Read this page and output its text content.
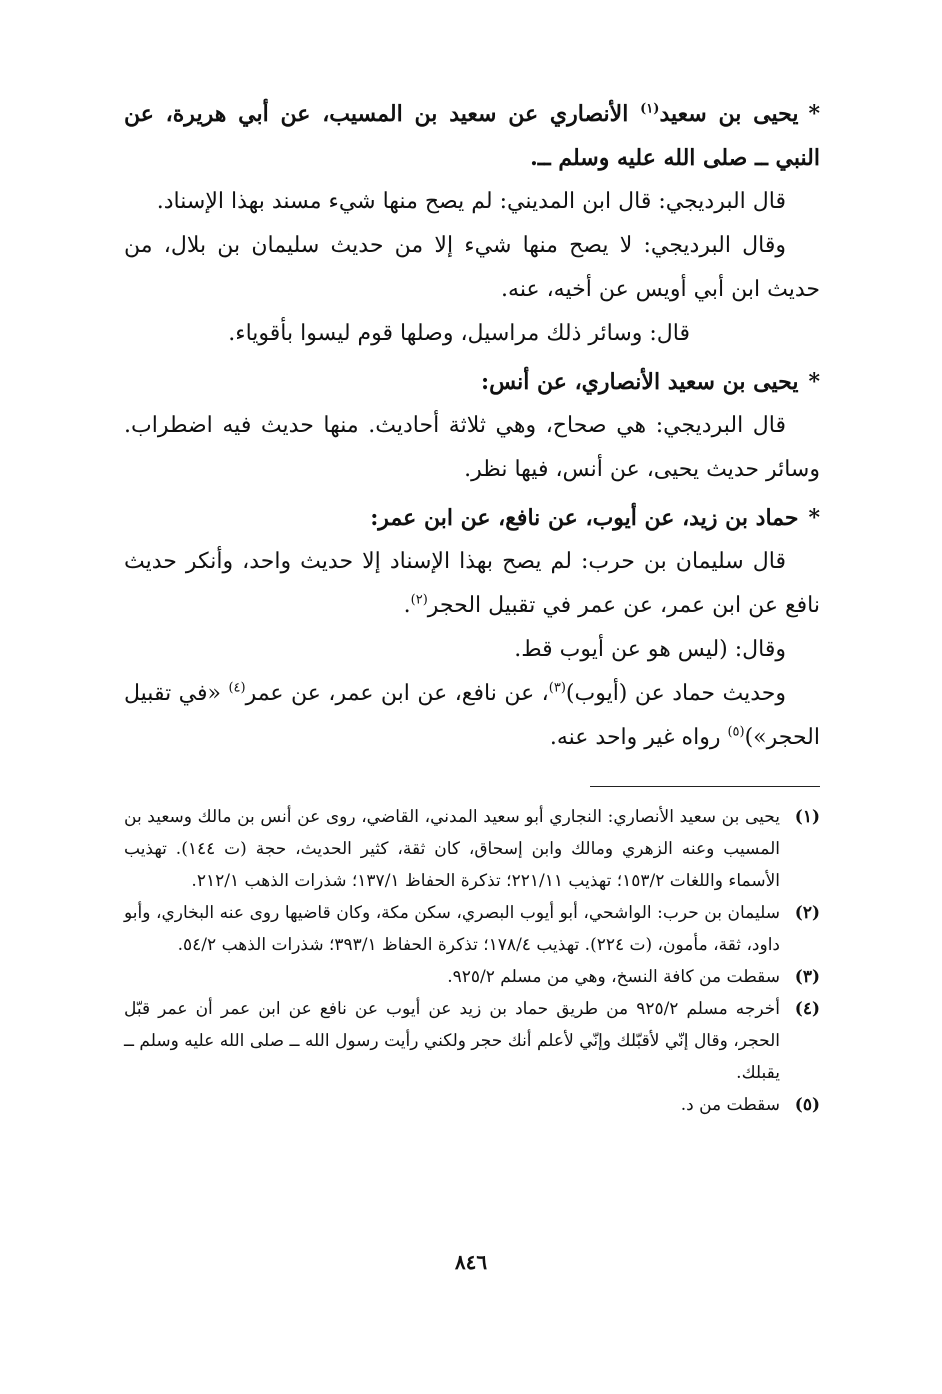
*يحيى بن سعيد$^{(١)}$ الأنصاري عن سعيد بن المسيب، عن أبي هريرة، عن النبي ــ صلى الله عليه وسلم ــ.

قال البرديجي: قال ابن المديني: لم يصح منها شيء مسند بهذا الإسناد.

وقال البرديجي: لا يصح منها شيء إلا من حديث سليمان بن بلال، من حديث ابن أبي أويس عن أخيه، عنه.

قال: وسائر ذلك مراسيل، وصلها قوم ليسوا بأقوياء.

*يحيى بن سعيد الأنصاري، عن أنس:

قال البرديجي: هي صحاح، وهي ثلاثة أحاديث. منها حديث فيه اضطراب. وسائر حديث يحيى، عن أنس، فيها نظر.

*حماد بن زيد، عن أيوب، عن نافع، عن ابن عمر:

قال سليمان بن حرب: لم يصح بهذا الإسناد إلا حديث واحد، وأنكر حديث نافع عن ابن عمر، عن عمر في تقبيل الحجر$^{(٢)}$.

وقال: (ليس هو عن أيوب قط.

وحديث حماد عن (أيوب)$^{(٣)}$، عن نافع، عن ابن عمر، عن عمر$^{(٤)}$ «في تقبيل الحجر»)$^{(٥)}$ رواه غير واحد عنه.

(١)
يحيى بن سعيد الأنصاري: النجاري أبو سعيد المدني، القاضي، روى عن أنس بن مالك وسعيد بن المسيب وعنه الزهري ومالك وابن إسحاق، كان ثقة، كثير الحديث، حجة (ت ١٤٤). تهذيب الأسماء واللغات ١٥٣/٢؛ تهذيب ٢٢١/١١؛ تذكرة الحفاظ ١٣٧/١؛ شذرات الذهب ٢١٢/١.
(٢)
سليمان بن حرب: الواشحي، أبو أيوب البصري، سكن مكة، وكان قاضيها روى عنه البخاري، وأبو داود، ثقة، مأمون، (ت ٢٢٤). تهذيب ١٧٨/٤؛ تذكرة الحفاظ ٣٩٣/١؛ شذرات الذهب ٥٤/٢.
(٣)
سقطت من كافة النسخ، وهي من مسلم ٩٢٥/٢.
(٤)
أخرجه مسلم ٩٢٥/٢ من طريق حماد بن زيد عن أيوب عن نافع عن ابن عمر أن عمر قبّل الحجر، وقال إنّي لأقبّلك وإنّي لأعلم أنك حجر ولكني رأيت رسول الله ــ صلى الله عليه وسلم ــ يقبلك.
(٥)
سقطت من د.
٨٤٦
